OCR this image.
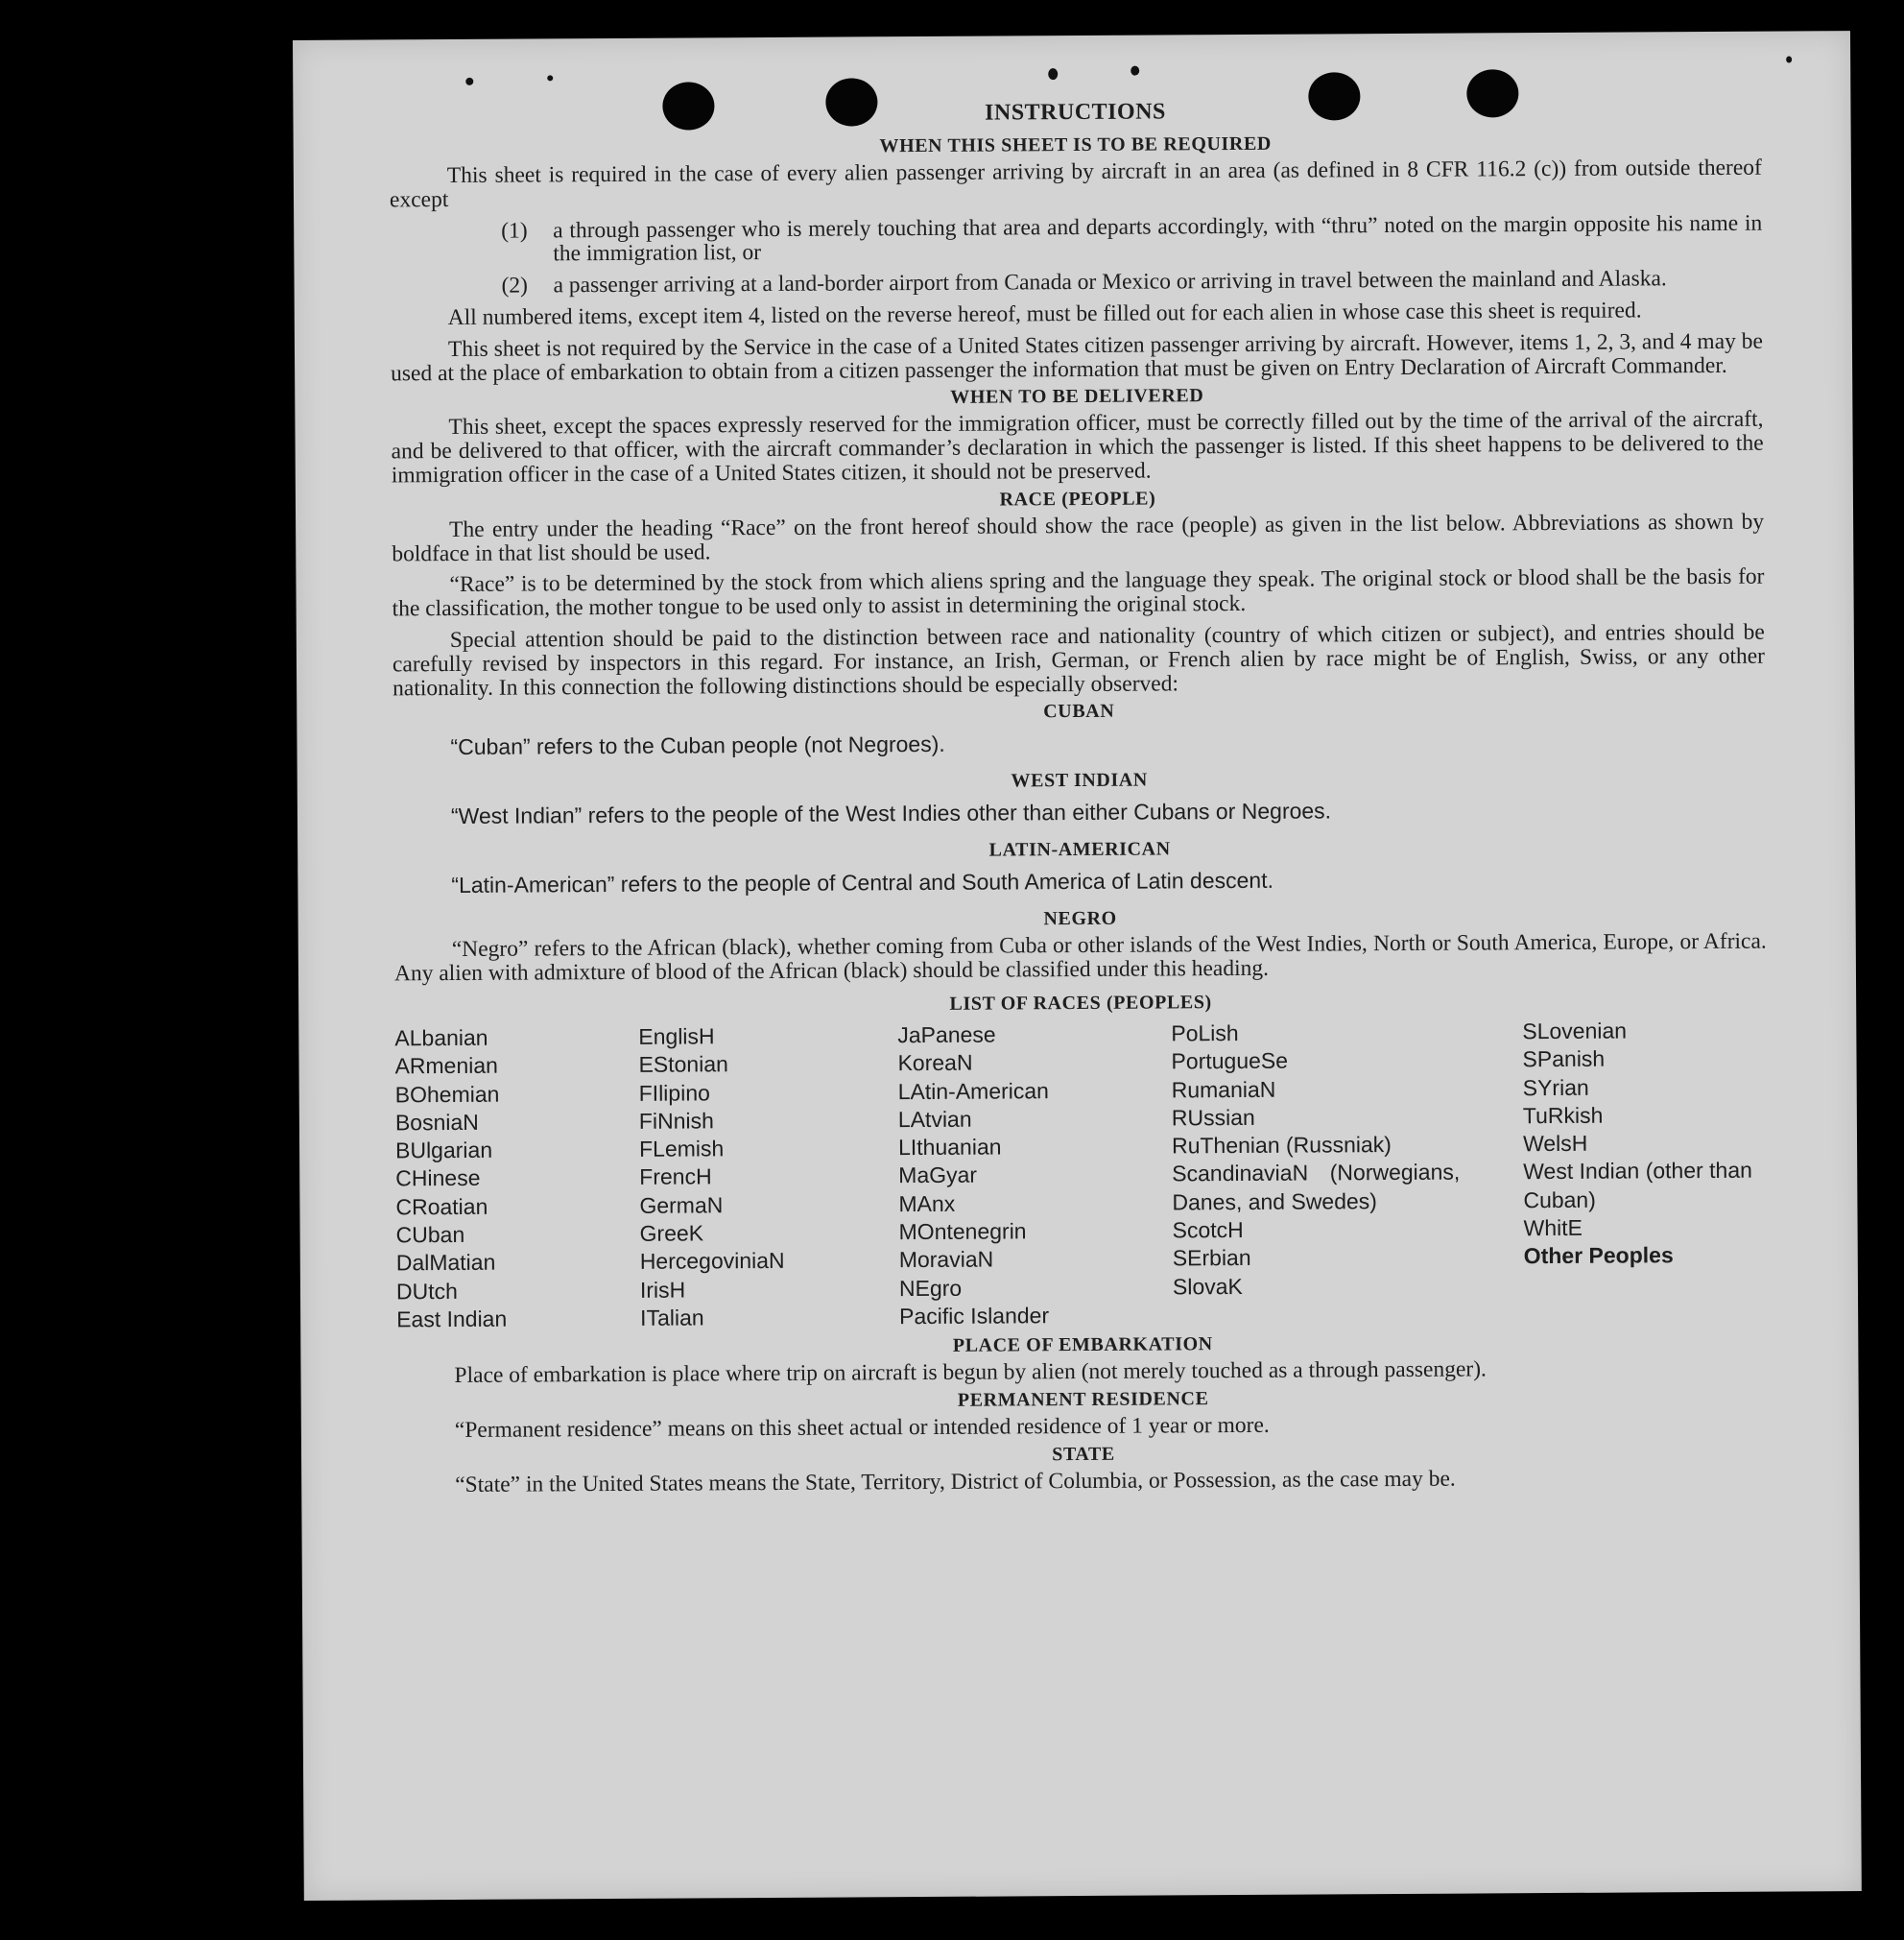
INSTRUCTIONS
WHEN THIS SHEET IS TO BE REQUIRED

This sheet is required in the case of every alien passenger arriving by aircraft in an area (as defined in 8 CFR 116.2 (c)) from outside thereof except

(1)	a through passenger who is merely touching that area and departs accordingly, with “thru” noted on the margin opposite his name in the immigration list, or
(2)	a passenger arriving at a land-border airport from Canada or Mexico or arriving in travel between the mainland and Alaska.

All numbered items, except item 4, listed on the reverse hereof, must be filled out for each alien in whose case this sheet is required.

This sheet is not required by the Service in the case of a United States citizen passenger arriving by aircraft. However, items 1, 2, 3, and 4 may be used at the place of embarkation to obtain from a citizen passenger the information that must be given on Entry Declaration of Aircraft Commander.

WHEN TO BE DELIVERED

This sheet, except the spaces expressly reserved for the immigration officer, must be correctly filled out by the time of the arrival of the aircraft, and be delivered to that officer, with the aircraft commander’s declaration in which the passenger is listed. If this sheet happens to be delivered to the immigration officer in the case of a United States citizen, it should not be preserved.

RACE (PEOPLE)

The entry under the heading “Race” on the front hereof should show the race (people) as given in the list below. Abbreviations as shown by boldface in that list should be used.

“Race” is to be determined by the stock from which aliens spring and the language they speak. The original stock or blood shall be the basis for the classification, the mother tongue to be used only to assist in determining the original stock.

Special attention should be paid to the distinction between race and nationality (country of which citizen or subject), and entries should be carefully revised by inspectors in this regard. For instance, an Irish, German, or French alien by race might be of English, Swiss, or any other nationality. In this connection the following distinctions should be especially observed:

CUBAN
“Cuban” refers to the Cuban people (not Negroes).
WEST INDIAN
“West Indian” refers to the people of the West Indies other than either Cubans or Negroes.
LATIN-AMERICAN
“Latin-American” refers to the people of Central and South America of Latin descent.
NEGRO

“Negro” refers to the African (black), whether coming from Cuba or other islands of the West Indies, North or South America, Europe, or Africa. Any alien with admixture of blood of the African (black) should be classified under this heading.

LIST OF RACES (PEOPLES)
ALbanian
ARmenian
BOhemian
BosniaN
BUlgarian
CHinese
CRoatian
CUban
DalMatian
DUtch
East Indian
EnglisH
EStonian
FIlipino
FiNnish
FLemish
FrencH
GermaN
GreeK
HercegoviniaN
IrisH
ITalian
JaPanese
KoreaN
LAtin-American
LAtvian
LIthuanian
MaGyar
MAnx
MOntenegrin
MoraviaN
NEgro
Pacific Islander
PoLish
PortugueSe
RumaniaN
RUssian
RuThenian (Russniak)
ScandinaviaN (Norwegians, Danes, and Swedes)
ScotcH
SErbian
SlovaK
SLovenian
SPanish
SYrian
TuRkish
WelsH
West Indian (other than Cuban)
WhitE
Other Peoples
PLACE OF EMBARKATION

Place of embarkation is place where trip on aircraft is begun by alien (not merely touched as a through passenger).

PERMANENT RESIDENCE

“Permanent residence” means on this sheet actual or intended residence of 1 year or more.

STATE

“State” in the United States means the State, Territory, District of Columbia, or Possession, as the case may be.
